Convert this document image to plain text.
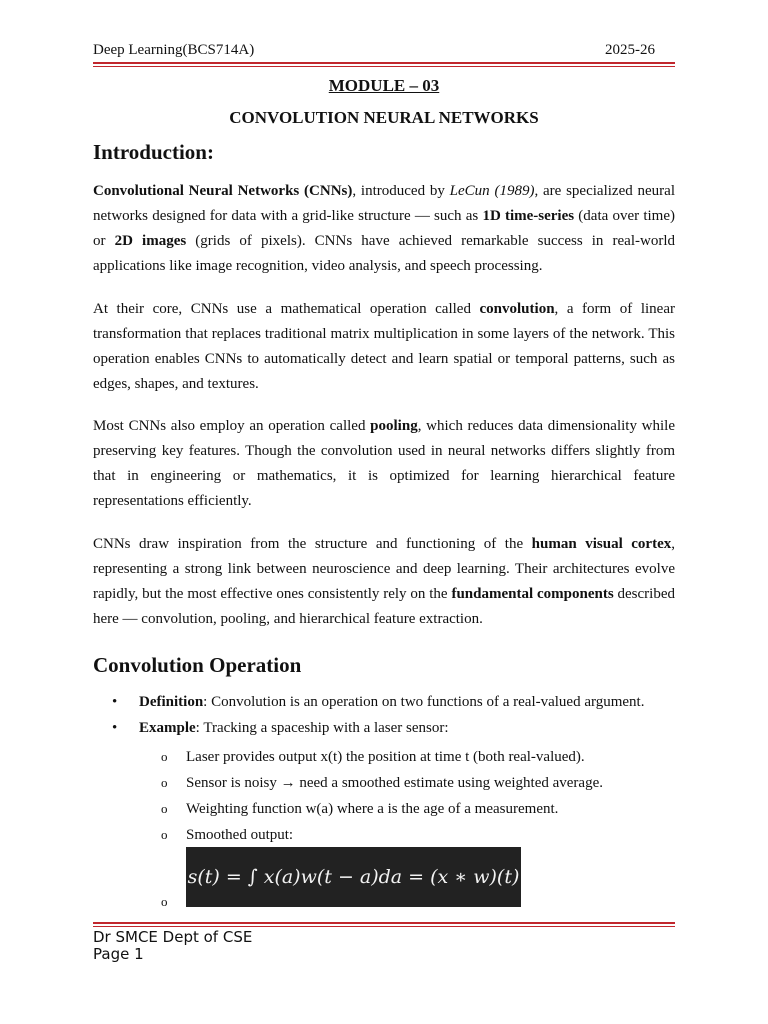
Deep Learning(BCS714A)	2025-26
MODULE – 03
CONVOLUTION NEURAL NETWORKS
Introduction:
Convolutional Neural Networks (CNNs), introduced by LeCun (1989), are specialized neural networks designed for data with a grid-like structure — such as 1D time-series (data over time) or 2D images (grids of pixels). CNNs have achieved remarkable success in real-world applications like image recognition, video analysis, and speech processing.
At their core, CNNs use a mathematical operation called convolution, a form of linear transformation that replaces traditional matrix multiplication in some layers of the network. This operation enables CNNs to automatically detect and learn spatial or temporal patterns, such as edges, shapes, and textures.
Most CNNs also employ an operation called pooling, which reduces data dimensionality while preserving key features. Though the convolution used in neural networks differs slightly from that in engineering or mathematics, it is optimized for learning hierarchical feature representations efficiently.
CNNs draw inspiration from the structure and functioning of the human visual cortex, representing a strong link between neuroscience and deep learning. Their architectures evolve rapidly, but the most effective ones consistently rely on the fundamental components described here — convolution, pooling, and hierarchical feature extraction.
Convolution Operation
• Definition: Convolution is an operation on two functions of a real-valued argument.
• Example: Tracking a spaceship with a laser sensor:
o Laser provides output x(t) the position at time t (both real-valued).
o Sensor is noisy → need a smoothed estimate using weighted average.
o Weighting function w(a) where a is the age of a measurement.
o Smoothed output:
o
s(t) = ∫ x(a)w(t − a)da = (x ∗ w)(t)
Dr SMCE Dept of CSE
Page 1
